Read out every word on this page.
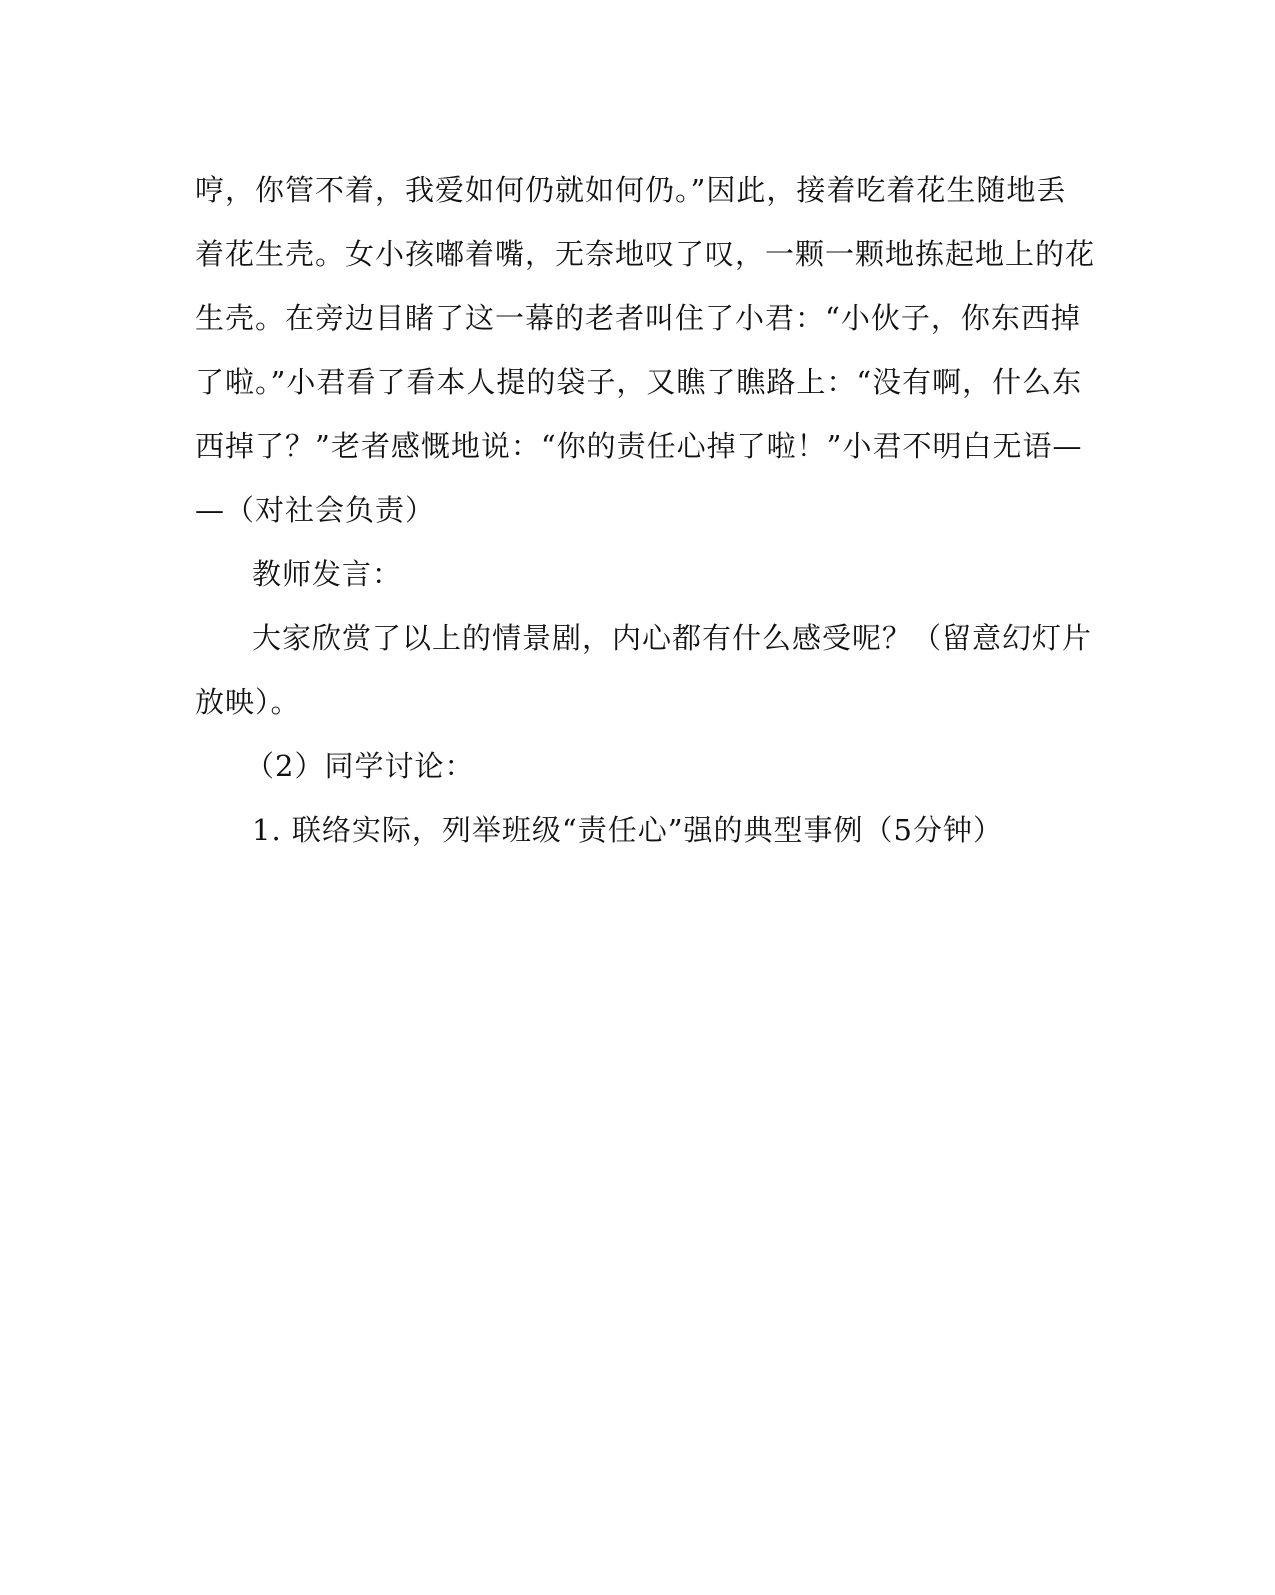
哼，你管不着，我爱如何仍就如何仍。”因此，接着吃着花生随地丢
着花生壳。女小孩嘟着嘴，无奈地叹了叹，一颗一颗地拣起地上的花
生壳。在旁边目睹了这一幕的老者叫住了小君：“小伙子，你东西掉
了啦。”小君看了看本人提的袋子，又瞧了瞧路上：“没有啊，什么东
西掉了？”老者感慨地说：“你的责任心掉了啦！”小君不明白无语—
—（对社会负责）
教师发言：
大家欣赏了以上的情景剧，内心都有什么感受呢？（留意幻灯片
放映）。
（2）同学讨论：
1. 联络实际，列举班级“责任心”强的典型事例（5分钟）
